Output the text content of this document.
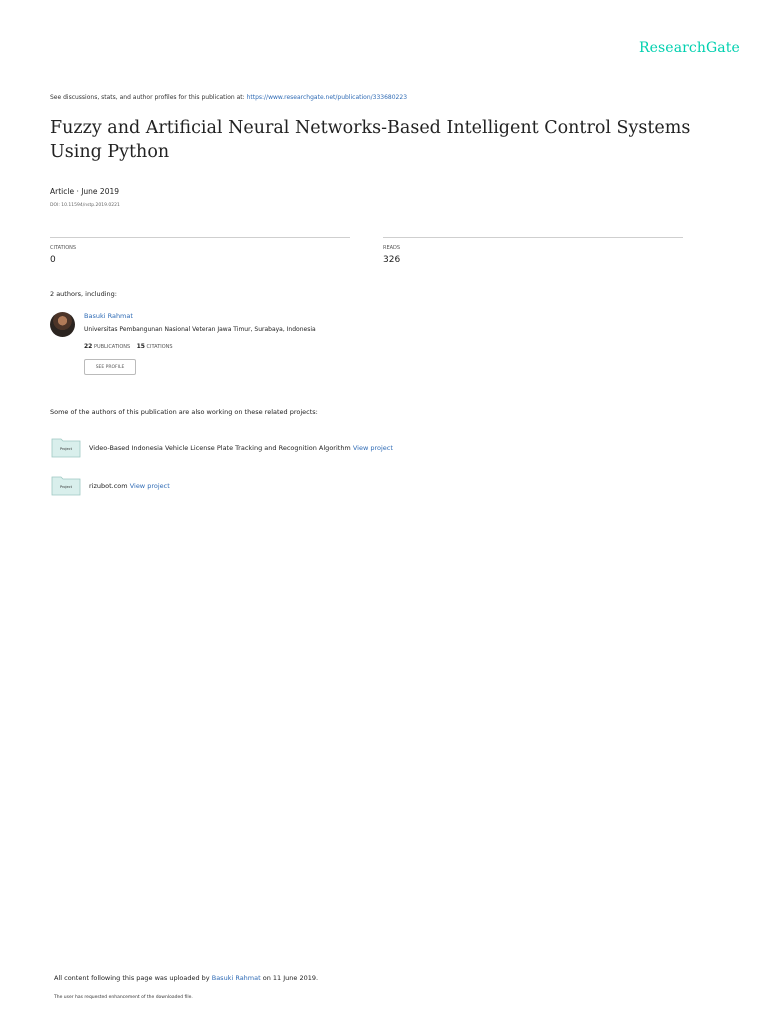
ResearchGate
See discussions, stats, and author profiles for this publication at: https://www.researchgate.net/publication/333680223
Fuzzy and Artificial Neural Networks-Based Intelligent Control Systems Using Python
Article · June 2019
DOI: 10.11594/nstp.2019.0221
CITATIONS
0
READS
326
2 authors, including:
Basuki Rahmat
Universitas Pembangunan Nasional Veteran Jawa Timur, Surabaya, Indonesia
22 PUBLICATIONS 15 CITATIONS
SEE PROFILE
Some of the authors of this publication are also working on these related projects:
Project	Video-Based Indonesia Vehicle License Plate Tracking and Recognition Algorithm View project
Project	rizubot.com View project
All content following this page was uploaded by Basuki Rahmat on 11 June 2019.
The user has requested enhancement of the downloaded file.
